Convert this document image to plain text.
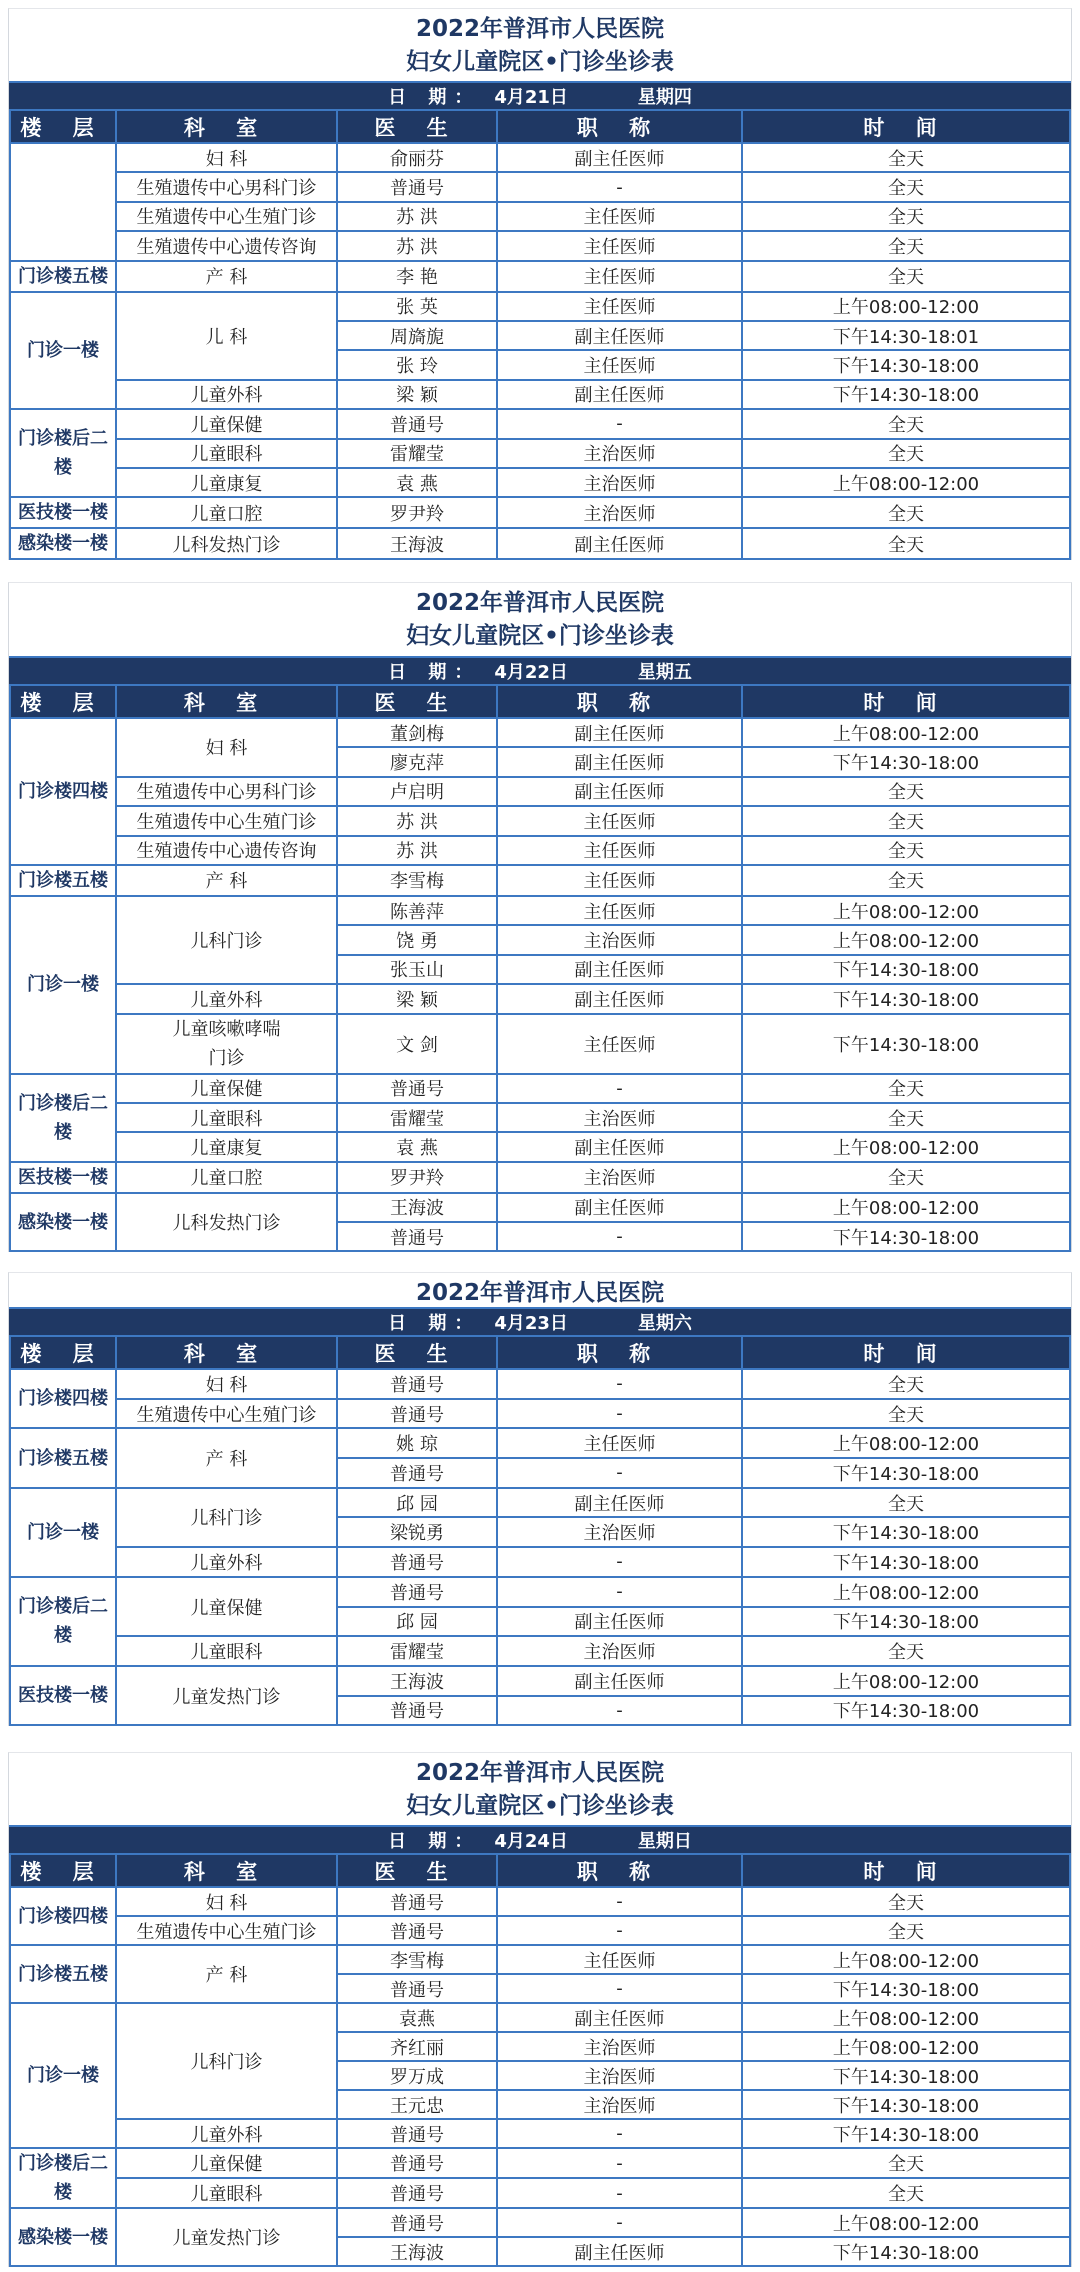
2022年普洱市人民医院
妇女儿童院区•门诊坐诊表
日 期： 4月21日	星期四
楼 层	科 室	医 生	职 称	时 间
	妇 科	俞丽芬	副主任医师	全天
	生殖遗传中心男科门诊	普通号	-	全天
	生殖遗传中心生殖门诊	苏 洪	主任医师	全天
	生殖遗传中心遗传咨询	苏 洪	主任医师	全天
门诊楼五楼	产 科	李 艳	主任医师	全天
门诊一楼	儿 科	张 英	主任医师	上午08:00-12:00
		周旖旎	副主任医师	下午14:30-18:01
		张 玲	主任医师	下午14:30-18:00
	儿童外科	梁 颖	副主任医师	下午14:30-18:00
门诊楼后二楼	儿童保健	普通号	-	全天
	儿童眼科	雷耀莹	主治医师	全天
	儿童康复	袁 燕	主治医师	上午08:00-12:00
医技楼一楼	儿童口腔	罗尹羚	主治医师	全天
感染楼一楼	儿科发热门诊	王海波	副主任医师	全天
2022年普洱市人民医院
妇女儿童院区•门诊坐诊表
日 期： 4月22日	星期五
楼 层	科 室	医 生	职 称	时 间
门诊楼四楼	妇 科	董剑梅	副主任医师	上午08:00-12:00
		廖克萍	副主任医师	下午14:30-18:00
	生殖遗传中心男科门诊	卢启明	副主任医师	全天
	生殖遗传中心生殖门诊	苏 洪	主任医师	全天
	生殖遗传中心遗传咨询	苏 洪	主任医师	全天
门诊楼五楼	产 科	李雪梅	主任医师	全天
门诊一楼	儿科门诊	陈善萍	主任医师	上午08:00-12:00
		饶 勇	主治医师	上午08:00-12:00
		张玉山	副主任医师	下午14:30-18:00
	儿童外科	梁 颖	副主任医师	下午14:30-18:00
	儿童咳嗽哮喘门诊	文 剑	主任医师	下午14:30-18:00
门诊楼后二楼	儿童保健	普通号	-	全天
	儿童眼科	雷耀莹	主治医师	全天
	儿童康复	袁 燕	副主任医师	上午08:00-12:00
医技楼一楼	儿童口腔	罗尹羚	主治医师	全天
感染楼一楼	儿科发热门诊	王海波	副主任医师	上午08:00-12:00
		普通号	-	下午14:30-18:00
2022年普洱市人民医院
日 期： 4月23日	星期六
楼 层	科 室	医 生	职 称	时 间
门诊楼四楼	妇 科	普通号	-	全天
	生殖遗传中心生殖门诊	普通号	-	全天
门诊楼五楼	产 科	姚 琼	主任医师	上午08:00-12:00
		普通号	-	下午14:30-18:00
门诊一楼	儿科门诊	邱 园	副主任医师	全天
		梁锐勇	主治医师	下午14:30-18:00
	儿童外科	普通号	-	下午14:30-18:00
门诊楼后二楼	儿童保健	普通号	-	上午08:00-12:00
		邱 园	副主任医师	下午14:30-18:00
	儿童眼科	雷耀莹	主治医师	全天
医技楼一楼	儿童发热门诊	王海波	副主任医师	上午08:00-12:00
		普通号	-	下午14:30-18:00
2022年普洱市人民医院
妇女儿童院区•门诊坐诊表
日 期： 4月24日	星期日
楼 层	科 室	医 生	职 称	时 间
门诊楼四楼	妇 科	普通号	-	全天
	生殖遗传中心生殖门诊	普通号	-	全天
门诊楼五楼	产 科	李雪梅	主任医师	上午08:00-12:00
		普通号	-	下午14:30-18:00
门诊一楼	儿科门诊	袁燕	副主任医师	上午08:00-12:00
		齐红丽	主治医师	上午08:00-12:00
		罗万成	主治医师	下午14:30-18:00
		王元忠	主治医师	下午14:30-18:00
	儿童外科	普通号	-	下午14:30-18:00
门诊楼后二楼	儿童保健	普通号	-	全天
	儿童眼科	普通号	-	全天
感染楼一楼	儿童发热门诊	普通号	-	上午08:00-12:00
		王海波	副主任医师	下午14:30-18:00
